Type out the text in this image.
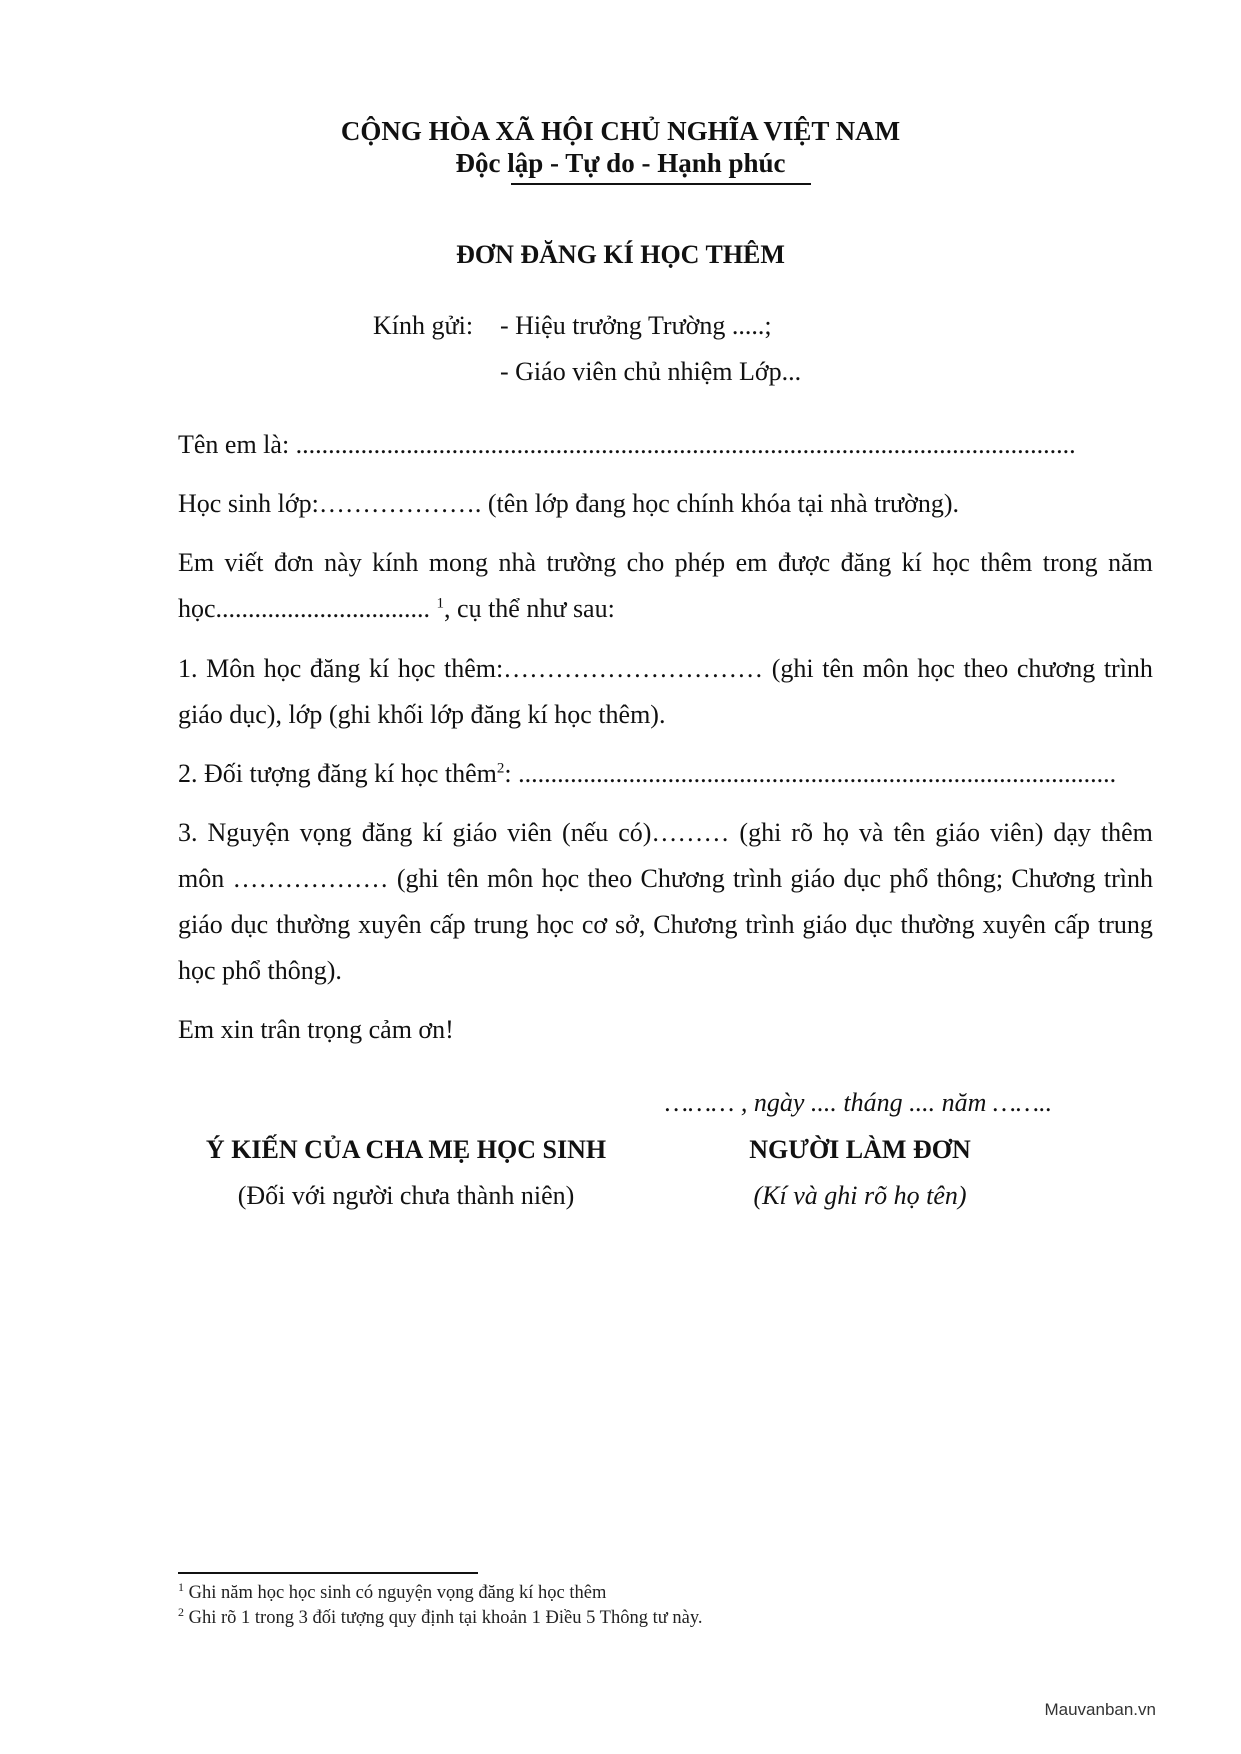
CỘNG HÒA XÃ HỘI CHỦ NGHĨA VIỆT NAM
Độc lập - Tự do - Hạnh phúc
ĐƠN ĐĂNG KÍ HỌC THÊM
Kính gửi: - Hiệu trưởng Trường .....;
- Giáo viên chủ nhiệm Lớp...
Tên em là: ........................................................................................................................
Học sinh lớp:………………. (tên lớp đang học chính khóa tại nhà trường).
Em viết đơn này kính mong nhà trường cho phép em được đăng kí học thêm trong năm
học................................. $^1$, cụ thể như sau:
1. Môn học đăng kí học thêm:………………………… (ghi tên môn học theo chương trình
giáo dục), lớp (ghi khối lớp đăng kí học thêm).
2. Đối tượng đăng kí học thêm$^2$: ............................................................................................
3. Nguyện vọng đăng kí giáo viên (nếu có)……… (ghi rõ họ và tên giáo viên) dạy thêm
môn ……………… (ghi tên môn học theo Chương trình giáo dục phổ thông; Chương trình
giáo dục thường xuyên cấp trung học cơ sở, Chương trình giáo dục thường xuyên cấp trung
học phổ thông).
Em xin trân trọng cảm ơn!
……… , ngày .... tháng .... năm ……..
Ý KIẾN CỦA CHA MẸ HỌC SINH
(Đối với người chưa thành niên)
NGƯỜI LÀM ĐƠN
(Kí và ghi rõ họ tên)
$^1$ Ghi năm học học sinh có nguyện vọng đăng kí học thêm
$^2$ Ghi rõ 1 trong 3 đối tượng quy định tại khoản 1 Điều 5 Thông tư này.
Mauvanban.vn
